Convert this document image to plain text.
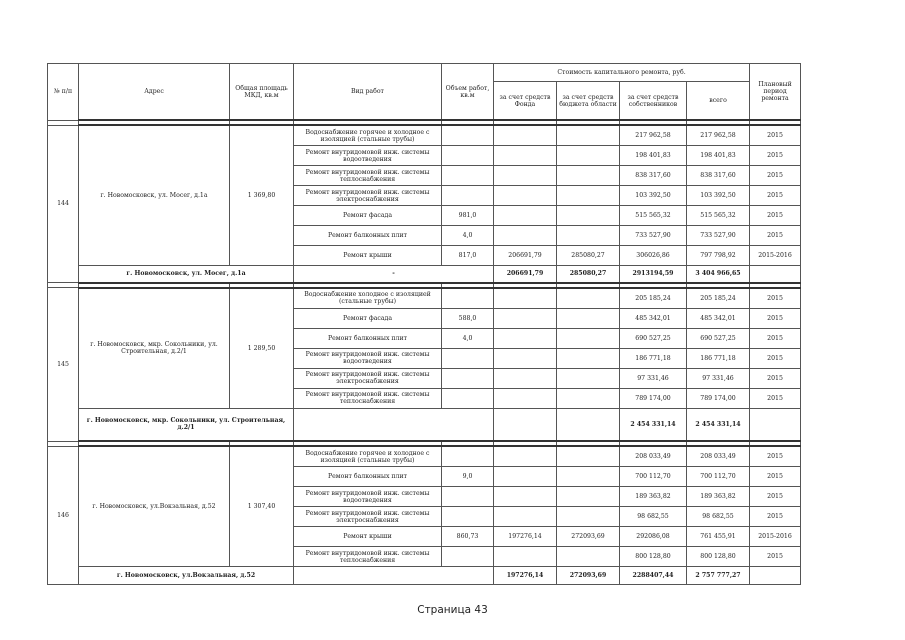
№ п/п	Адрес	Общая площадь МКД, кв.м	Вид работ	Объем работ, кв.м	Стоимость капитального ремонта, руб.				Плановый период ремонта
					за счет средств Фонда	за счет средств бюджета области	за счет средств собственников	всего	

144	г. Новомосковск, ул. Мосег, д.1а	1 369,80	Водоснабжение горячее и холодное с изоляцией (стальные трубы)				217 962,58	217 962,58	2015
			Ремонт внутридомовой инж. системы водоотведения				198 401,83	198 401,83	2015
			Ремонт внутридомовой инж. системы теплоснабжения				838 317,60	838 317,60	2015
			Ремонт внутридомовой инж. системы электроснабжения				103 392,50	103 392,50	2015
			Ремонт фасада	981,0			515 565,32	515 565,32	2015
			Ремонт балконных плит	4,0			733 527,90	733 527,90	2015
			Ремонт крыши	817,0	206691,79	285080,27	306026,86	797 798,92	2015-2016
	г. Новомосковск, ул. Мосег, д.1а		-		206691,79	285080,27	2913194,59	3 404 966,65	

145	г. Новомосковск, мкр. Сокольники, ул. Строительная, д.2/1	1 289,50	Водоснабжение холодное с изоляцией (стальные трубы)				205 185,24	205 185,24	2015
			Ремонт фасада	588,0			485 342,01	485 342,01	2015
			Ремонт балконных плит	4,0			690 527,25	690 527,25	2015
			Ремонт внутридомовой инж. системы водоотведения				186 771,18	186 771,18	2015
			Ремонт внутридомовой инж. системы электроснабжения				97 331,46	97 331,46	2015
			Ремонт внутридомовой инж. системы теплоснабжения				789 174,00	789 174,00	2015
	г. Новомосковск, мкр. Сокольники, ул. Строительная, д.2/1						2 454 331,14	2 454 331,14	

146	г. Новомосковск, ул.Вокзальная, д.52	1 307,40	Водоснабжение горячее и холодное с изоляцией (стальные трубы)				208 033,49	208 033,49	2015
			Ремонт балконных плит	9,0			700 112,70	700 112,70	2015
			Ремонт внутридомовой инж. системы водоотведения				189 363,82	189 363,82	2015
			Ремонт внутридомовой инж. системы электроснабжения				98 682,55	98 682,55	2015
			Ремонт крыши	860,73	197276,14	272093,69	292086,08	761 455,91	2015-2016
			Ремонт внутридомовой инж. системы теплоснабжения				800 128,80	800 128,80	2015
	г. Новомосковск, ул.Вокзальная, д.52				197276,14	272093,69	2288407,44	2 757 777,27	
Страница 43
